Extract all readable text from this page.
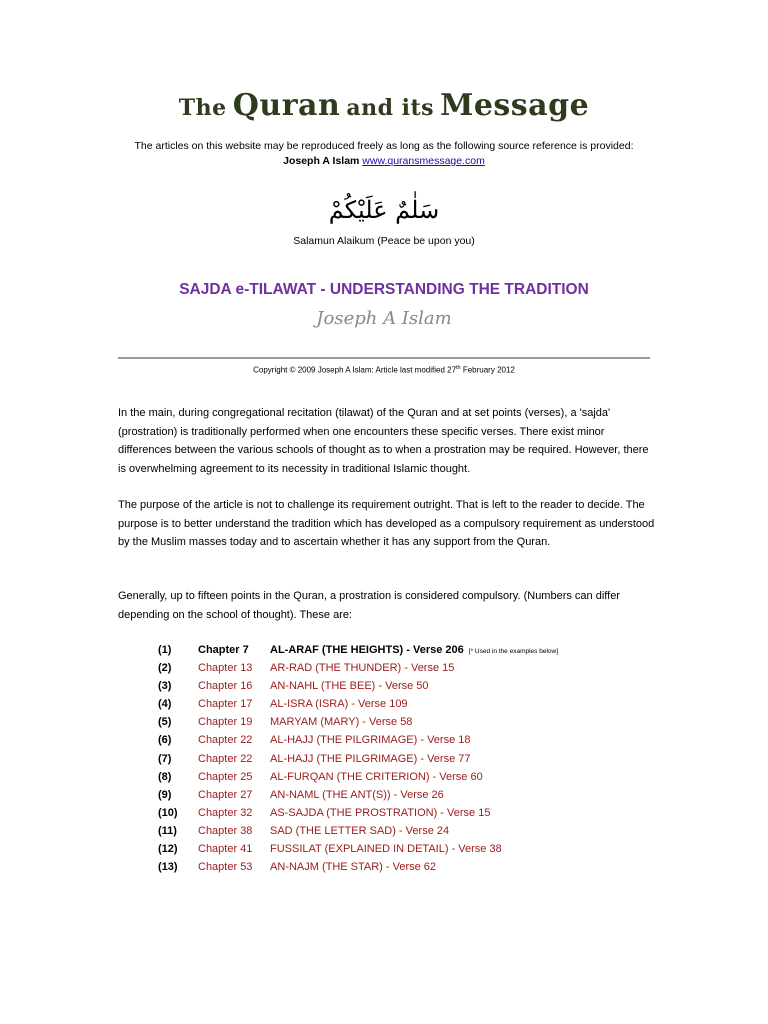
The Quran and its Message
The articles on this website may be reproduced freely as long as the following source reference is provided:
Joseph A Islam www.quransmessage.com
سَلٰمٌ عَلَيْكُمْ
Salamun Alaikum (Peace be upon you)
SAJDA e-TILAWAT - UNDERSTANDING THE TRADITION
Joseph A Islam
Copyright © 2009 Joseph A Islam: Article last modified 27th February 2012
In the main, during congregational recitation (tilawat) of the Quran and at set points (verses), a 'sajda' (prostration) is traditionally performed when one encounters these specific verses. There exist minor differences between the various schools of thought as to when a prostration may be required. However, there is overwhelming agreement to its necessity in traditional Islamic thought.
The purpose of the article is not to challenge its requirement outright. That is left to the reader to decide. The purpose is to better understand the tradition which has developed as a compulsory requirement as understood by the Muslim masses today and to ascertain whether it has any support from the Quran.
Generally, up to fifteen points in the Quran, a prostration is considered compulsory. (Numbers can differ depending on the school of thought). These are:
(1) Chapter 7 AL-ARAF (THE HEIGHTS) - Verse 206 [* Used in the examples below]
(2) Chapter 13 AR-RAD (THE THUNDER) - Verse 15
(3) Chapter 16 AN-NAHL (THE BEE) - Verse 50
(4) Chapter 17 AL-ISRA (ISRA) - Verse 109
(5) Chapter 19 MARYAM (MARY) - Verse 58
(6) Chapter 22 AL-HAJJ (THE PILGRIMAGE) - Verse 18
(7) Chapter 22 AL-HAJJ (THE PILGRIMAGE) - Verse 77
(8) Chapter 25 AL-FURQAN (THE CRITERION) - Verse 60
(9) Chapter 27 AN-NAML (THE ANT(S)) - Verse 26
(10) Chapter 32 AS-SAJDA (THE PROSTRATION) - Verse 15
(11) Chapter 38 SAD (THE LETTER SAD) - Verse 24
(12) Chapter 41 FUSSILAT (EXPLAINED IN DETAIL) - Verse 38
(13) Chapter 53 AN-NAJM (THE STAR) - Verse 62
